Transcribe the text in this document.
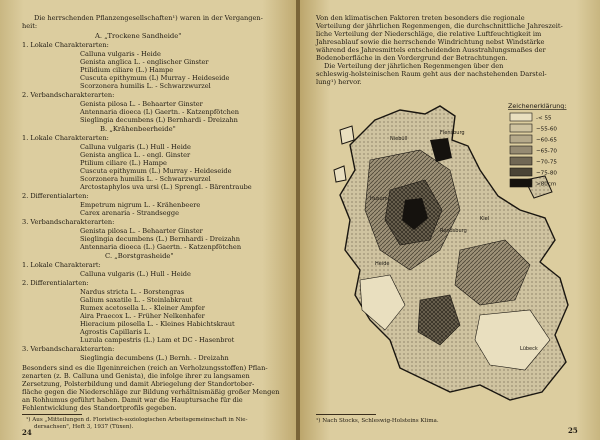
Die herrschenden Pflanzengesellschaften¹) waren in der Vergangen-
heit:
A. „Trockene Sandheide"
1. Lokale Charakterarten:
Calluna vulgaris - Heide
Genista anglica L. - englischer Ginster
Ptilidium ciliare (L.) Hampe
Cuscuta epithymum (L) Murray - Heideseide
Scorzonera humilis L. - Schwarzwurzel
2. Verbandscharakterarten:
Genista pilosa L. - Behaarter Ginster
Antennaria dioeca (L) Gaertn. - Katzenpfötchen
Sieglingia decumbens (L) Bernhardi - Dreizahn
B. „Krähenbeerheide"
1. Lokale Charakterarten:
Calluna vulgaris (L.) Hull - Heide
Genista anglica L. - engl. Ginster
Ptilium ciliare (L.) Hampe
Cuscuta epithymum (L.) Murray - Heideseide
Scorzonera humilis L. - Schwarzwurzel
Arctostaphylos uva ursi (L.) Sprengl. - Bärentraube
2. Differentialarten:
Empetrum nigrum L. - Krähenbeere
Carex arenaria - Strandsegge
3. Verbandscharakterarten:
Genista pilosa L. - Behaarter Ginster
Sieglingia decumbens (L.) Bernhardi - Dreizahn
Antennaria dioeca (L.) Gaertn. - Katzenpfötchen
C. „Borstgrasheide"
1. Lokale Charakterart:
Calluna vulgaris (L.) Hull - Heide
2. Differentialarten:
Nardus stricta L. - Borstengras
Galium saxatile L. - Steinlabkraut
Rumex acetosella L. - Kleiner Ampfer
Aira Praecox L. - Früher Nelkenhafer
Hieracium pilosella L. - Kleines Habichtskraut
Agrostis Capillaris L.
Luzula campestris (L.) Lam et DC - Hasenbrot
3. Verbandscharakterarten:
Sieglingia decumbens (L.) Bernh. - Dreizahn
Besonders sind es die Ilgeninreichen (reich an Verholzungsstoffen) Pflan-
zenarten (z. B. Calluna und Genista), die infolge ihrer zu langsamen
Zersetzung, Polsterbildung und damit Abriegelung der Standortober-
fläche gegen die Niederschläge zur Bildung verhältnismäßig großer Mengen
an Rohhumus geführt haben. Damit war die Hauptursache für die
Fehlentwicklung des Standortprofils gegeben.
¹) Aus „Mitteilungen d. Floristisch-soziologischen Arbeitsgemeinschaft in Nie-
dersachsen", Heft 3, 1937 (Tüxen).
24
Von den klimatischen Faktoren treten besonders die regionale
Verteilung der jährlichen Regenmengen, die durchschnittliche Jahreszeit-
liche Verteilung der Niederschläge, die relative Luftfeuchtigkeit im
Jahresablauf sowie die herrschende Windrichtung nebst Windstärke
während des Jahresmittels entscheidenden Ausstrahlungsmaßes der
Bodenoberfläche in den Vordergrund der Betrachtungen.
Die Verteilung der jährlichen Regenmengen über den
schleswig-holsteinischen Raum geht aus der nachstehenden Darstel-
lung¹) hervor.
¹) Nach Stocks, Schleswig-Holsteins Klima.
25
Niebüll
Flensburg
Husum
Heide
Rendsburg
Kiel
Lübeck
Zeichenerklärung:
-< 55
~55-60
~60-65
~65-70
~70-75
~75-80
>80cm
